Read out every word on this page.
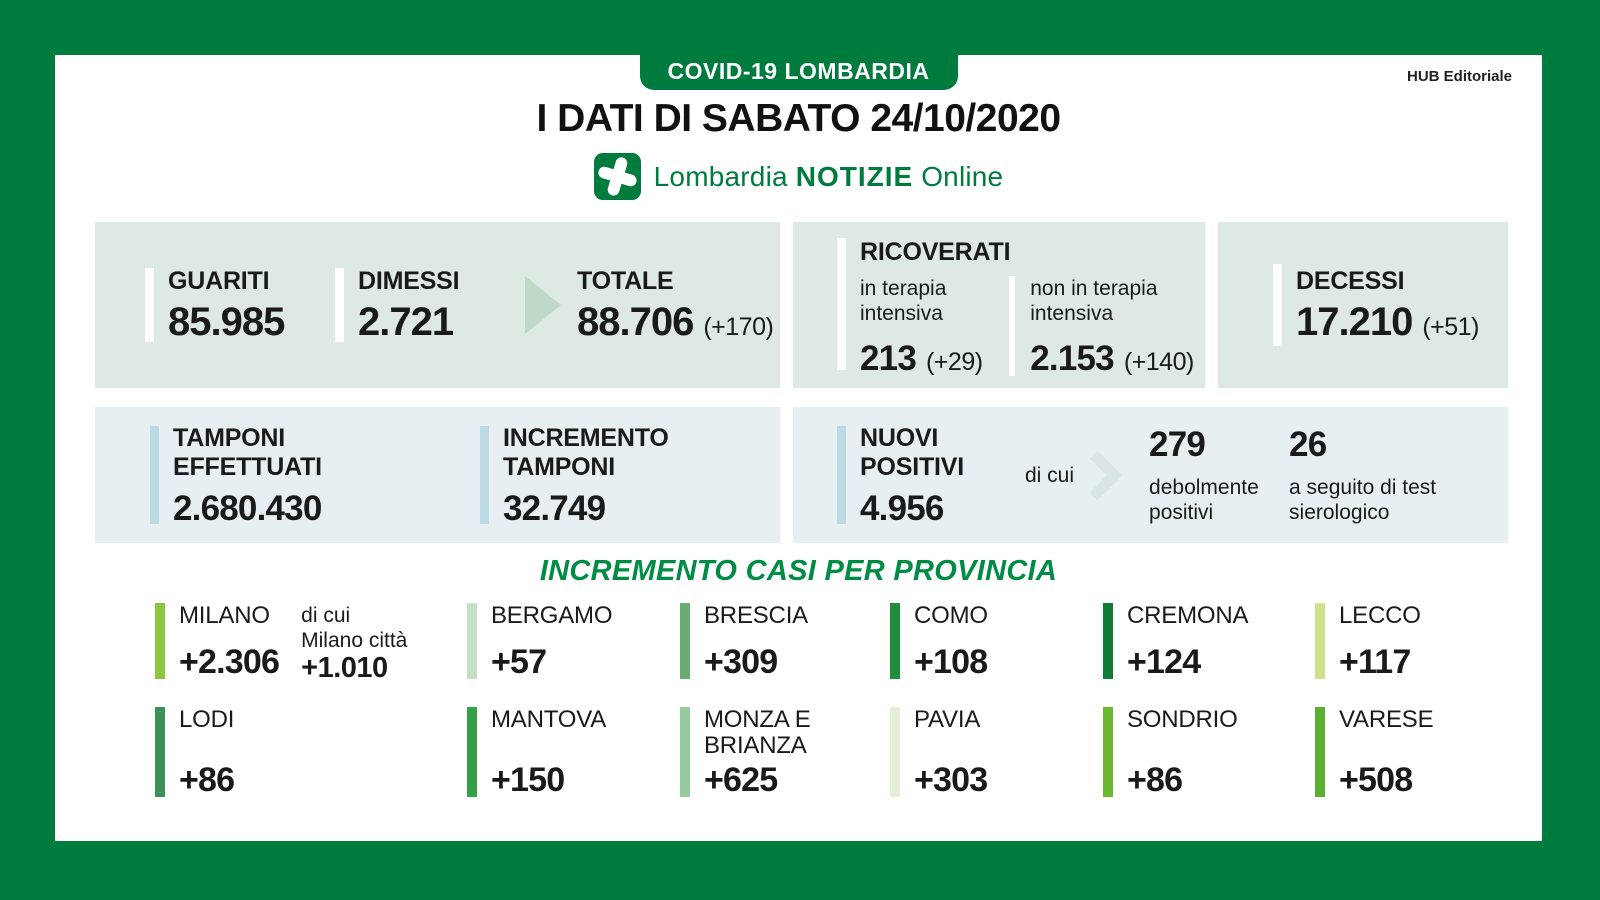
COVID-19 LOMBARDIA	HUB Editoriale
I DATI DI SABATO 24/10/2020
Lombardia NOTIZIE Online
GUARITI
85.985
DIMESSI
2.721
TOTALE
88.706 (+170)
RICOVERATI
in terapia intensiva
213 (+29)
non in terapia intensiva
2.153 (+140)
DECESSI
17.210 (+51)
TAMPONI EFFETTUATI
2.680.430
INCREMENTO TAMPONI
32.749
NUOVI POSITIVI
4.956
di cui
279
debolmente positivi
26
a seguito di test sierologico
INCREMENTO CASI PER PROVINCIA
MILANO
+2.306
di cui
Milano città
+1.010
BERGAMO
+57
BRESCIA
+309
COMO
+108
CREMONA
+124
LECCO
+117
LODI
+86
MANTOVA
+150
MONZA E BRIANZA
+625
PAVIA
+303
SONDRIO
+86
VARESE
+508
